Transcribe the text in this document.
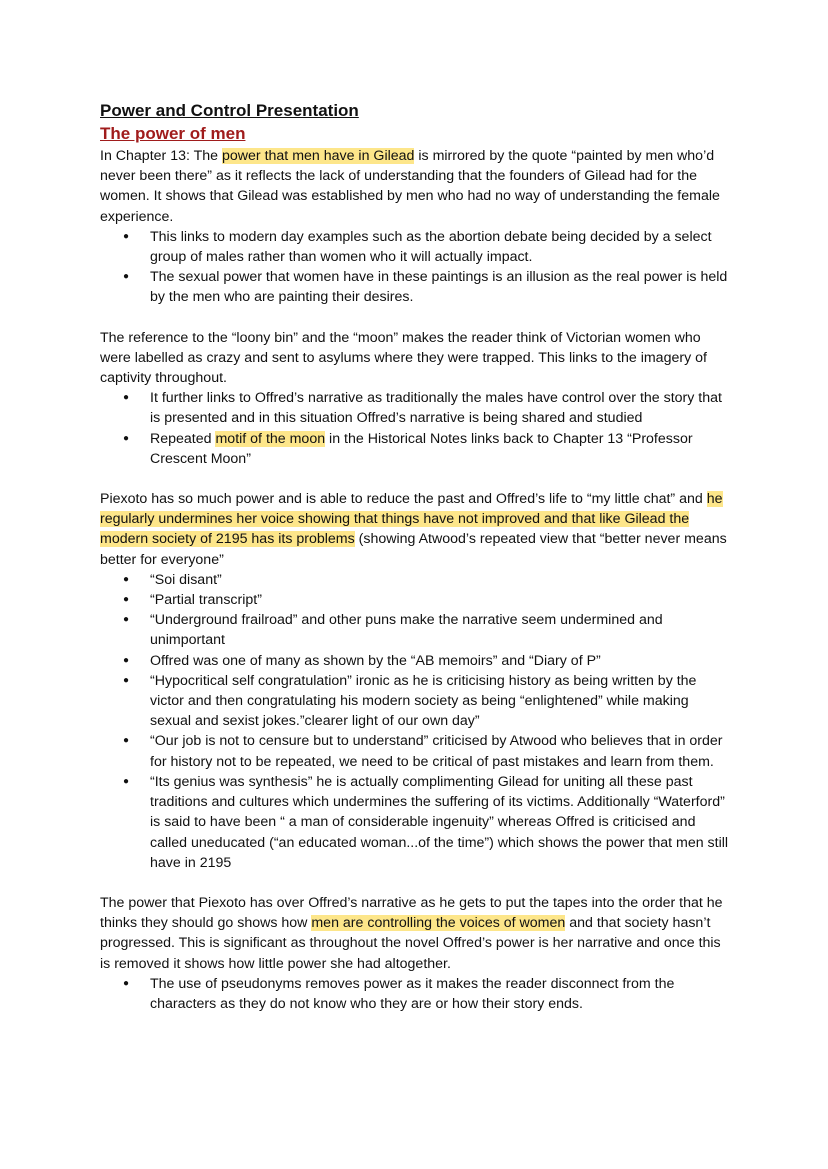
Power and Control Presentation
The power of men

In Chapter 13: The power that men have in Gilead is mirrored by the quote “painted by men who’d never been there” as it reflects the lack of understanding that the founders of Gilead had for the women. It shows that Gilead was established by men who had no way of understanding the female experience.

● This links to modern day examples such as the abortion debate being decided by a select group of males rather than women who it will actually impact.
● The sexual power that women have in these paintings is an illusion as the real power is held by the men who are painting their desires.

The reference to the “loony bin” and the “moon” makes the reader think of Victorian women who were labelled as crazy and sent to asylums where they were trapped. This links to the imagery of captivity throughout.

● It further links to Offred’s narrative as traditionally the males have control over the story that is presented and in this situation Offred’s narrative is being shared and studied
● Repeated motif of the moon in the Historical Notes links back to Chapter 13 “Professor Crescent Moon”

Piexoto has so much power and is able to reduce the past and Offred’s life to “my little chat” and he regularly undermines her voice showing that things have not improved and that like Gilead the modern society of 2195 has its problems (showing Atwood’s repeated view that “better never means better for everyone”

● “Soi disant”
● “Partial transcript”
● “Underground frailroad” and other puns make the narrative seem undermined and unimportant
● Offred was one of many as shown by the “AB memoirs” and “Diary of P”
● “Hypocritical self congratulation” ironic as he is criticising history as being written by the victor and then congratulating his modern society as being “enlightened” while making sexual and sexist jokes.”clearer light of our own day”
● “Our job is not to censure but to understand” criticised by Atwood who believes that in order for history not to be repeated, we need to be critical of past mistakes and learn from them.
● “Its genius was synthesis” he is actually complimenting Gilead for uniting all these past traditions and cultures which undermines the suffering of its victims. Additionally “Waterford” is said to have been “ a man of considerable ingenuity” whereas Offred is criticised and called uneducated (“an educated woman...of the time”) which shows the power that men still have in 2195

The power that Piexoto has over Offred’s narrative as he gets to put the tapes into the order that he thinks they should go shows how men are controlling the voices of women and that society hasn’t progressed. This is significant as throughout the novel Offred’s power is her narrative and once this is removed it shows how little power she had altogether.

● The use of pseudonyms removes power as it makes the reader disconnect from the characters as they do not know who they are or how their story ends.
